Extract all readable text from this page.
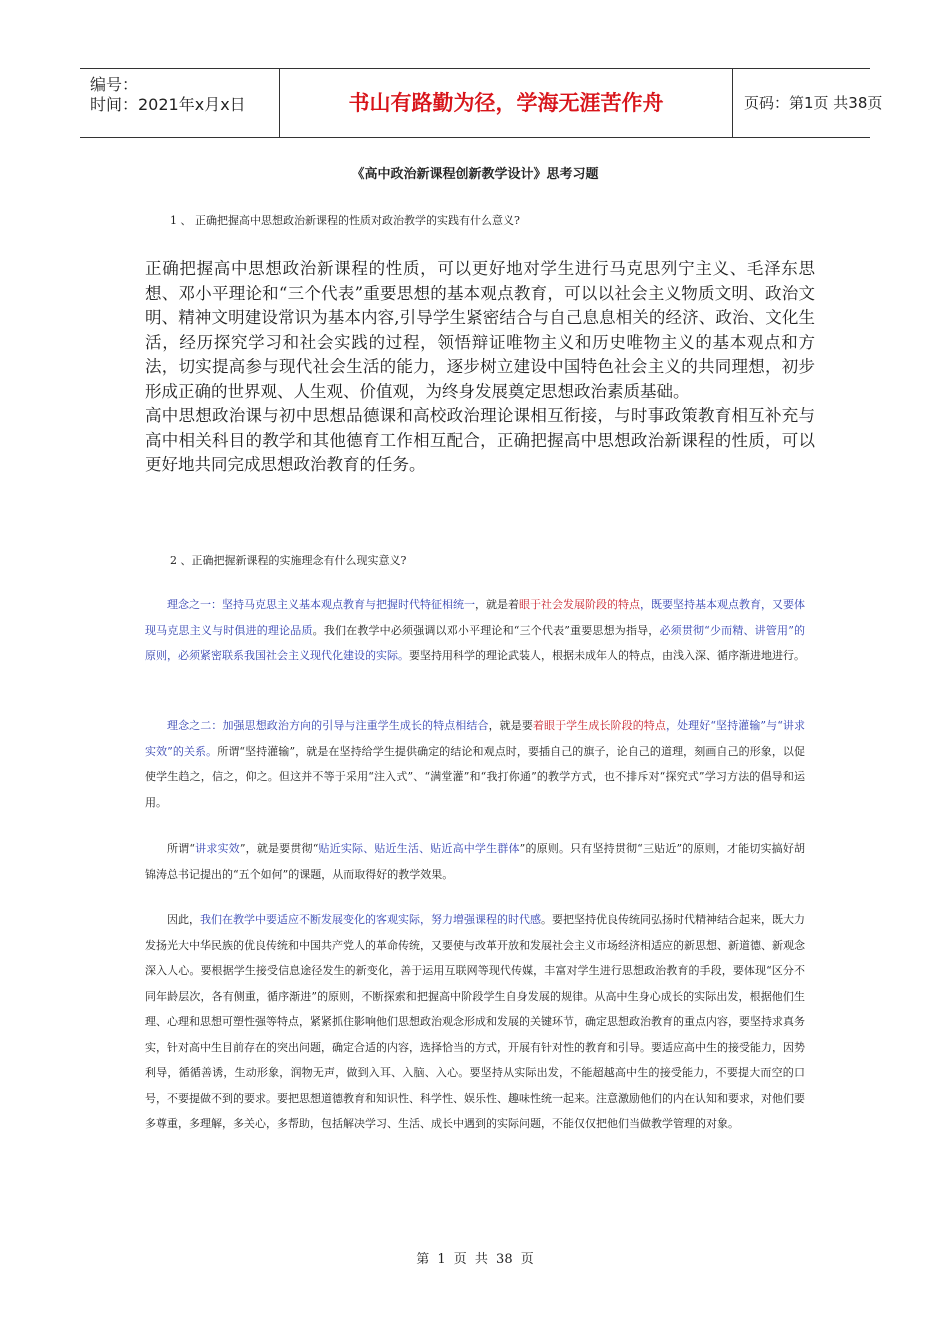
编号：
时间：2021年x月x日	书山有路勤为径，学海无涯苦作舟	页码：第1页 共38页
《高中政治新课程创新教学设计》思考习题
1 、 正确把握高中思想政治新课程的性质对政治教学的实践有什么意义?

正确把握高中思想政治新课程的性质，可以更好地对学生进行马克思列宁主义、毛泽东思想、邓小平理论和“三个代表”重要思想的基本观点教育，可以以社会主义物质文明、政治文明、精神文明建设常识为基本内容,引导学生紧密结合与自己息息相关的经济、政治、文化生活，经历探究学习和社会实践的过程，领悟辩证唯物主义和历史唯物主义的基本观点和方法，切实提高参与现代社会生活的能力，逐步树立建设中国特色社会主义的共同理想，初步形成正确的世界观、人生观、价值观，为终身发展奠定思想政治素质基础。

高中思想政治课与初中思想品德课和高校政治理论课相互衔接，与时事政策教育相互补充与高中相关科目的教学和其他德育工作相互配合，正确把握高中思想政治新课程的性质，可以更好地共同完成思想政治教育的任务。

2 、正确把握新课程的实施理念有什么现实意义?

理念之一：坚持马克思主义基本观点教育与把握时代特征相统一，就是着眼于社会发展阶段的特点，既要坚持基本观点教育，又要体现马克思主义与时俱进的理论品质。我们在教学中必须强调以邓小平理论和“三个代表”重要思想为指导，必须贯彻“少而精、讲管用”的原则，必须紧密联系我国社会主义现代化建设的实际。要坚持用科学的理论武装人，根据未成年人的特点，由浅入深、循序渐进地进行。

理念之二：加强思想政治方向的引导与注重学生成长的特点相结合，就是要着眼于学生成长阶段的特点，处理好“坚持灌输”与“讲求实效”的关系。所谓“坚持灌输”，就是在坚持给学生提供确定的结论和观点时，要插自己的旗子，论自己的道理，刻画自己的形象，以促使学生趋之，信之，仰之。但这并不等于采用“注入式”、“满堂灌”和“我打你通”的教学方式，也不排斥对“探究式”学习方法的倡导和运用。

所谓“讲求实效”，就是要贯彻“贴近实际、贴近生活、贴近高中学生群体”的原则。只有坚持贯彻“三贴近”的原则，才能切实搞好胡锦涛总书记提出的“五个如何”的课题，从而取得好的教学效果。

因此，我们在教学中要适应不断发展变化的客观实际，努力增强课程的时代感。要把坚持优良传统同弘扬时代精神结合起来，既大力发扬光大中华民族的优良传统和中国共产党人的革命传统，又要使与改革开放和发展社会主义市场经济相适应的新思想、新道德、新观念深入人心。要根据学生接受信息途径发生的新变化，善于运用互联网等现代传媒，丰富对学生进行思想政治教育的手段，要体现“区分不同年龄层次，各有侧重，循序渐进”的原则，不断探索和把握高中阶段学生自身发展的规律。从高中生身心成长的实际出发，根据他们生理、心理和思想可塑性强等特点，紧紧抓住影响他们思想政治观念形成和发展的关键环节，确定思想政治教育的重点内容，要坚持求真务实，针对高中生目前存在的突出问题，确定合适的内容，选择恰当的方式，开展有针对性的教育和引导。要适应高中生的接受能力，因势利导，循循善诱，生动形象，润物无声，做到入耳、入脑、入心。要坚持从实际出发，不能超越高中生的接受能力，不要提大而空的口号，不要提做不到的要求。要把思想道德教育和知识性、科学性、娱乐性、趣味性统一起来。注意激励他们的内在认知和要求，对他们要多尊重，多理解，多关心，多帮助，包括解决学习、生活、成长中遇到的实际问题，不能仅仅把他们当做教学管理的对象。

第 1 页 共 38 页
